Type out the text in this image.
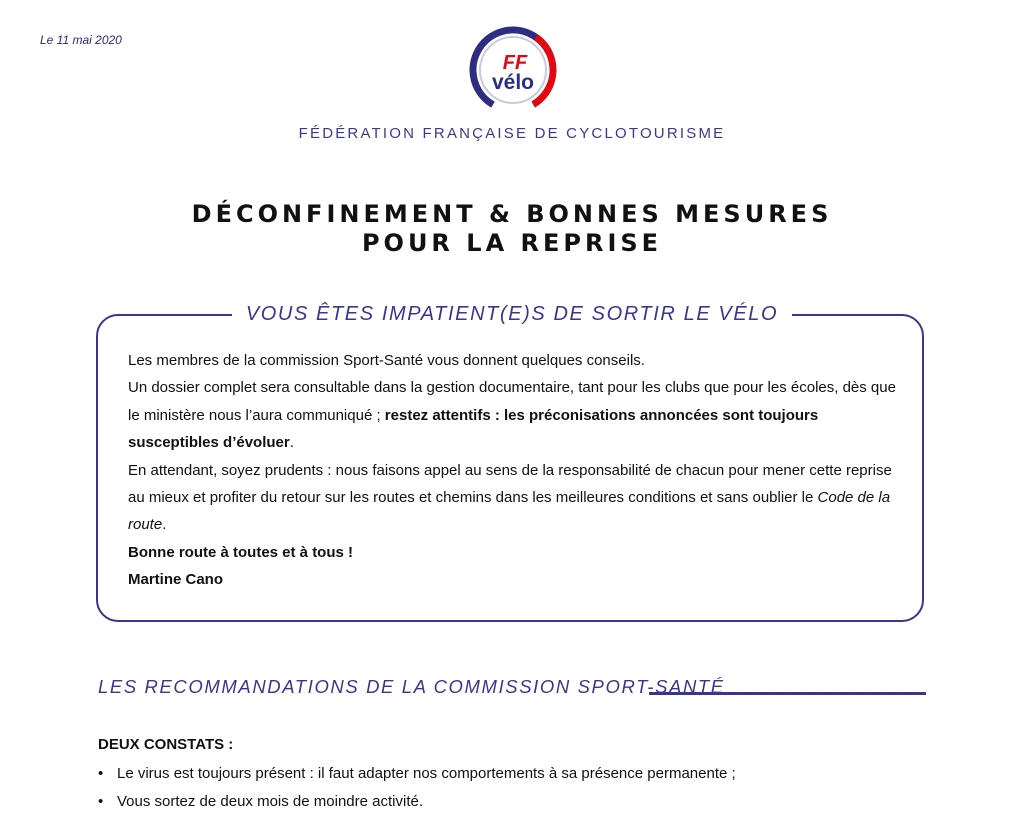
Le 11 mai 2020
FF
vélo
FÉDÉRATION FRANÇAISE DE CYCLOTOURISME
DÉCONFINEMENT & BONNES MESURES
POUR LA REPRISE
VOUS ÊTES IMPATIENT(E)S DE SORTIR LE VÉLO

Les membres de la commission Sport-Santé vous donnent quelques conseils.

Un dossier complet sera consultable dans la gestion documentaire, tant pour les clubs que pour les écoles, dès que le ministère nous l’aura communiqué ; restez attentifs : les préconisations annoncées sont toujours susceptibles d’évoluer.

En attendant, soyez prudents : nous faisons appel au sens de la responsabilité de chacun pour mener cette reprise au mieux et profiter du retour sur les routes et chemins dans les meilleures conditions et sans oublier le Code de la route.

Bonne route à toutes et à tous !

Martine Cano

LES RECOMMANDATIONS DE LA COMMISSION SPORT-SANTÉ
DEUX CONSTATS :
• Le virus est toujours présent : il faut adapter nos comportements à sa présence permanente ;
• Vous sortez de deux mois de moindre activité.
